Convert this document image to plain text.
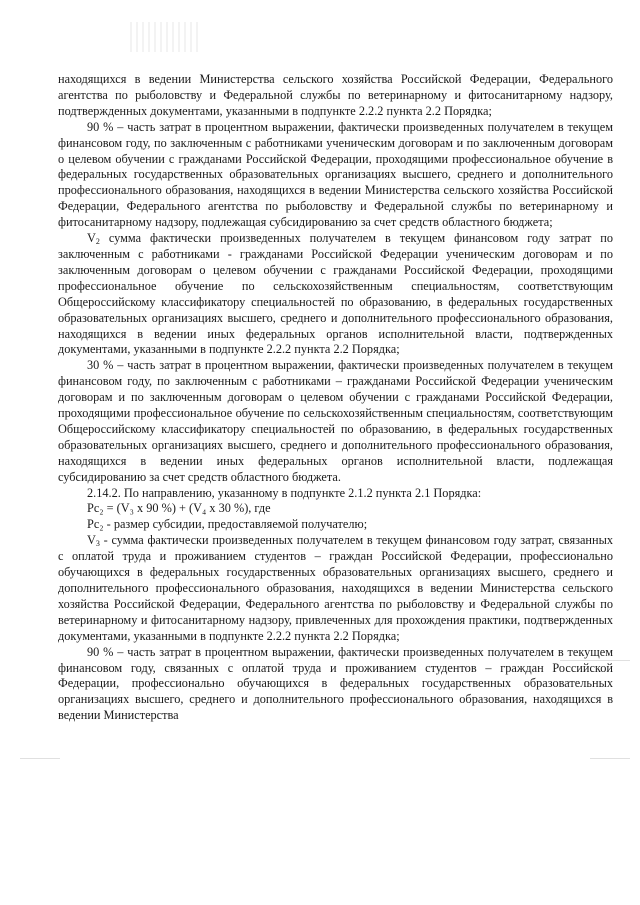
находящихся в ведении Министерства сельского хозяйства Российской Федерации, Федерального агентства по рыболовству и Федеральной службы по ветеринарному и фитосанитарному надзору, подтвержденных документами, указанными в подпункте 2.2.2 пункта 2.2 Порядка;

90 % – часть затрат в процентном выражении, фактически произведенных получателем в текущем финансовом году, по заключенным с работниками ученическим договорам и по заключенным договорам о целевом обучении с гражданами Российской Федерации, проходящими профессиональное обучение в федеральных государственных образовательных организациях высшего, среднего и дополнительного профессионального образования, находящихся в ведении Министерства сельского хозяйства Российской Федерации, Федерального агентства по рыболовству и Федеральной службы по ветеринарному и фитосанитарному надзору, подлежащая субсидированию за счет средств областного бюджета;

$V_2$ сумма фактически произведенных получателем в текущем финансовом году затрат по заключенным с работниками - гражданами Российской Федерации ученическим договорам и по заключенным договорам о целевом обучении с гражданами Российской Федерации, проходящими профессиональное обучение по сельскохозяйственным специальностям, соответствующим Общероссийскому классификатору специальностей по образованию, в федеральных государственных образовательных организациях высшего, среднего и дополнительного профессионального образования, находящихся в ведении иных федеральных органов исполнительной власти, подтвержденных документами, указанными в подпункте 2.2.2 пункта 2.2 Порядка;

30 % – часть затрат в процентном выражении, фактически произведенных получателем в текущем финансовом году, по заключенным с работниками – гражданами Российской Федерации ученическим договорам и по заключенным договорам о целевом обучении с гражданами Российской Федерации, проходящими профессиональное обучение по сельскохозяйственным специальностям, соответствующим Общероссийскому классификатору специальностей по образованию, в федеральных государственных образовательных организациях высшего, среднего и дополнительного профессионального образования, находящихся в ведении иных федеральных органов исполнительной власти, подлежащая субсидированию за счет средств областного бюджета.

2.14.2. По направлению, указанному в подпункте 2.1.2 пункта 2.1 Порядка:

Рс₂ = (V₃ х 90 %) + (V₄ х 30 %), где

Рс₂ - размер субсидии, предоставляемой получателю;

$V_3$ - сумма фактически произведенных получателем в текущем финансовом году затрат, связанных с оплатой труда и проживанием студентов – граждан Российской Федерации, профессионально обучающихся в федеральных государственных образовательных организациях высшего, среднего и дополнительного профессионального образования, находящихся в ведении Министерства сельского хозяйства Российской Федерации, Федерального агентства по рыболовству и Федеральной службы по ветеринарному и фитосанитарному надзору, привлеченных для прохождения практики, подтвержденных документами, указанными в подпункте 2.2.2 пункта 2.2 Порядка;

90 % – часть затрат в процентном выражении, фактически произведенных получателем в текущем финансовом году, связанных с оплатой труда и проживанием студентов – граждан Российской Федерации, профессионально обучающихся в федеральных государственных образовательных организациях высшего, среднего и дополнительного профессионального образования, находящихся в ведении Министерства
